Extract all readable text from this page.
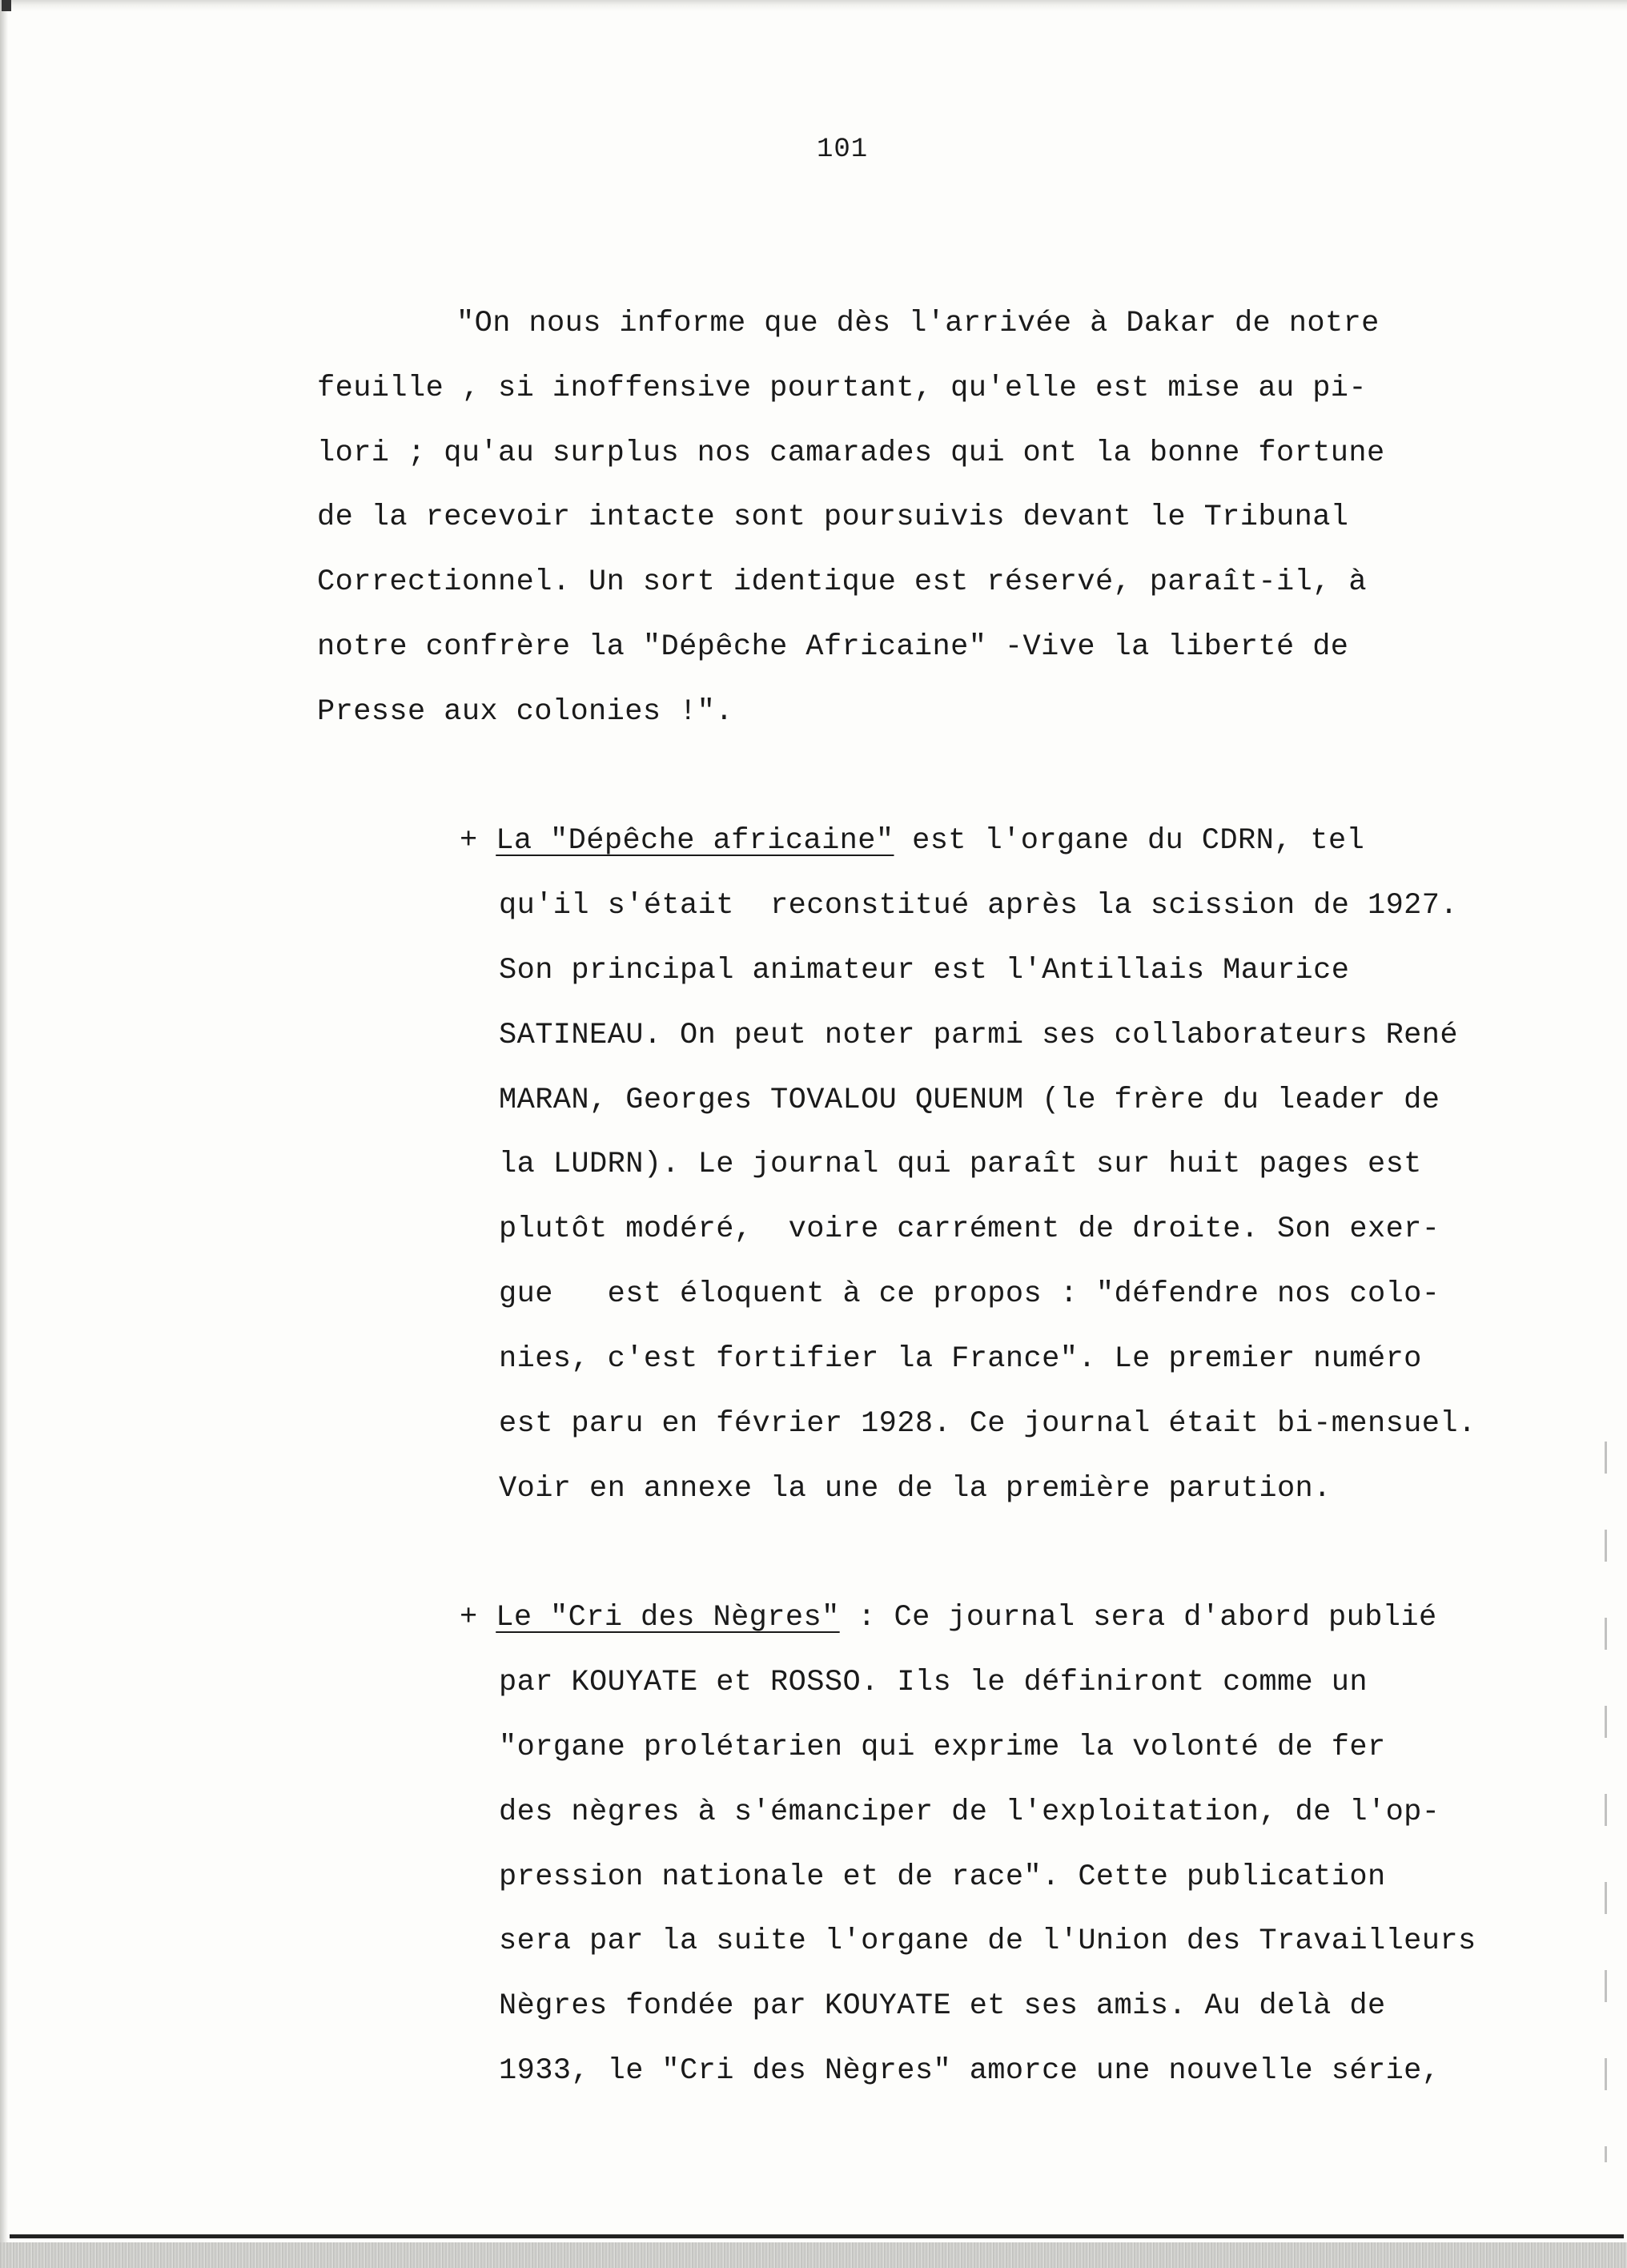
101
"On nous informe que dès l'arrivée à Dakar de notre
feuille , si inoffensive pourtant, qu'elle est mise au pi-
lori ; qu'au surplus nos camarades qui ont la bonne fortune
de la recevoir intacte sont poursuivis devant le Tribunal
Correctionnel. Un sort identique est réservé, paraît-il, à
notre confrère la "Dépêche Africaine" -Vive la liberté de
Presse aux colonies !".
+ La "Dépêche africaine" est l'organe du CDRN, tel
qu'il s'était  reconstitué après la scission de 1927.
Son principal animateur est l'Antillais Maurice
SATINEAU. On peut noter parmi ses collaborateurs René
MARAN, Georges TOVALOU QUENUM (le frère du leader de
la LUDRN). Le journal qui paraît sur huit pages est
plutôt modéré,  voire carrément de droite. Son exer-
gue   est éloquent à ce propos : "défendre nos colo-
nies, c'est fortifier la France". Le premier numéro
est paru en février 1928. Ce journal était bi-mensuel.
Voir en annexe la une de la première parution.
+ Le "Cri des Nègres" : Ce journal sera d'abord publié
par KOUYATE et ROSSO. Ils le définiront comme un
"organe prolétarien qui exprime la volonté de fer
des nègres à s'émanciper de l'exploitation, de l'op-
pression nationale et de race". Cette publication
sera par la suite l'organe de l'Union des Travailleurs
Nègres fondée par KOUYATE et ses amis. Au delà de
1933, le "Cri des Nègres" amorce une nouvelle série,
